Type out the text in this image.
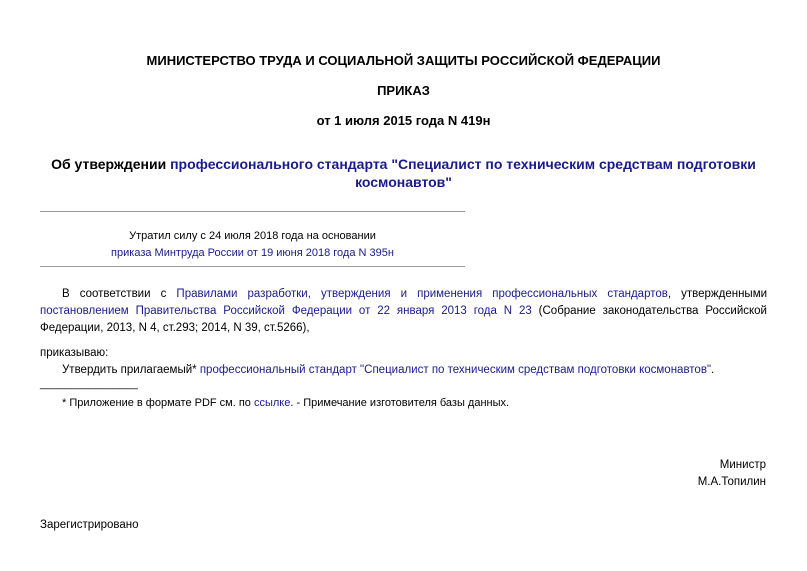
МИНИСТЕРСТВО ТРУДА И СОЦИАЛЬНОЙ ЗАЩИТЫ РОССИЙСКОЙ ФЕДЕРАЦИИ
ПРИКАЗ
от 1 июля 2015 года N 419н
Об утверждении профессионального стандарта "Специалист по техническим средствам подготовки
космонавтов"
Утратил силу с 24 июля 2018 года на основании
приказа Минтруда России от 19 июня 2018 года N 395н
В соответствии с Правилами разработки, утверждения и применения профессиональных стандартов, утвержденными постановлением Правительства Российской Федерации от 22 января 2013 года N 23 (Собрание законодательства Российской Федерации, 2013, N 4, ст.293; 2014, N 39, ст.5266),
приказываю:
Утвердить прилагаемый* профессиональный стандарт "Специалист по техническим средствам подготовки космонавтов".
________________
* Приложение в формате PDF см. по ссылке. - Примечание изготовителя базы данных.
Министр
М.А.Топилин
Зарегистрировано
